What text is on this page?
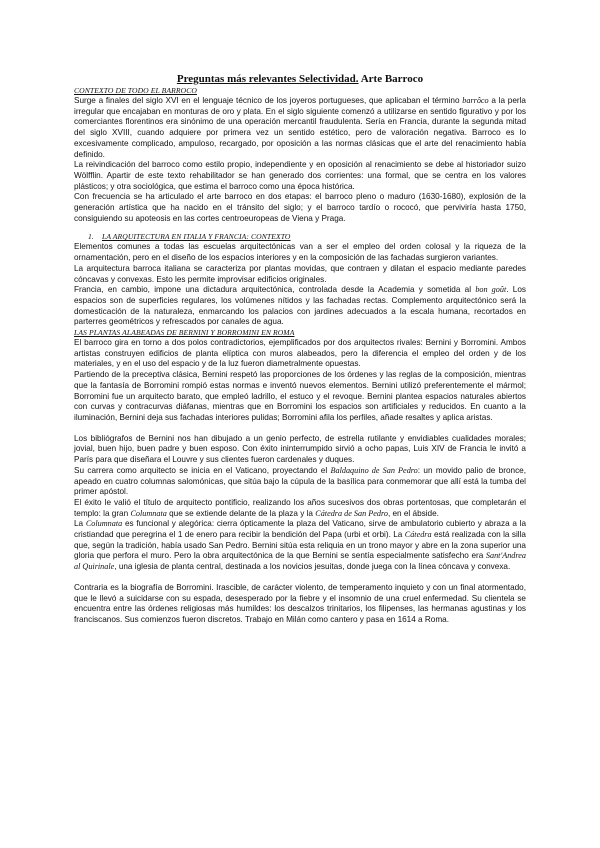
Preguntas más relevantes Selectividad. Arte Barroco
CONTEXTO DE TODO EL BARROCO

Surge a finales del siglo XVI en el lenguaje técnico de los joyeros portugueses, que aplicaban el término barrôco a la perla irregular que encajaban en monturas de oro y plata. En el siglo siguiente comenzó a utilizarse en sentido figurativo y por los comerciantes florentinos era sinónimo de una operación mercantil fraudulenta. Sería en Francia, durante la segunda mitad del siglo XVIII, cuando adquiere por primera vez un sentido estético, pero de valoración negativa. Barroco es lo excesivamente complicado, ampuloso, recargado, por oposición a las normas clásicas que el arte del renacimiento había definido.

La reivindicación del barroco como estilo propio, independiente y en oposición al renacimiento se debe al historiador suizo Wölfflin. Apartir de este texto rehabilitador se han generado dos corrientes: una formal, que se centra en los valores plásticos; y otra sociológica, que estima el barroco como una época histórica.

Con frecuencia se ha articulado el arte barroco en dos etapas: el barroco pleno o maduro (1630-1680), explosión de la generación artística que ha nacido en el tránsito del siglo; y el barroco tardío o rococó, que perviviría hasta 1750, consiguiendo su apoteosis en las cortes centroeuropeas de Viena y Praga.

1. LA ARQUITECTURA EN ITALIA Y FRANCIA: CONTEXTO

Elementos comunes a todas las escuelas arquitectónicas van a ser el empleo del orden colosal y la riqueza de la ornamentación, pero en el diseño de los espacios interiores y en la composición de las fachadas surgieron variantes.

La arquitectura barroca italiana se caracteriza por plantas movidas, que contraen y dilatan el espacio mediante paredes cóncavas y convexas. Esto les permite improvisar edificios originales.

Francia, en cambio, impone una dictadura arquitectónica, controlada desde la Academia y sometida al bon goût. Los espacios son de superficies regulares, los volúmenes nítidos y las fachadas rectas. Complemento arquitectónico será la domesticación de la naturaleza, enmarcando los palacios con jardines adecuados a la escala humana, recortados en parterres geométricos y refrescados por canales de agua.

LAS PLANTAS ALABEADAS DE BERNINI Y BORROMINI EN ROMA

El barroco gira en torno a dos polos contradictorios, ejemplificados por dos arquitectos rivales: Bernini y Borromini. Ambos artistas construyen edificios de planta elíptica con muros alabeados, pero la diferencia el empleo del orden y de los materiales, y en el uso del espacio y de la luz fueron diametralmente opuestas.

Partiendo de la preceptiva clásica, Bernini respetó las proporciones de los órdenes y las reglas de la composición, mientras que la fantasía de Borromini rompió estas normas e inventó nuevos elementos. Bernini utilizó preferentemente el mármol; Borromini fue un arquitecto barato, que empleó ladrillo, el estuco y el revoque. Bernini plantea espacios naturales abiertos con curvas y contracurvas diáfanas, mientras que en Borromini los espacios son artificiales y reducidos. En cuanto a la iluminación, Bernini deja sus fachadas interiores pulidas; Borromini afila los perfiles, añade resaltes y aplica aristas.

Los bibliógrafos de Bernini nos han dibujado a un genio perfecto, de estrella rutilante y envidiables cualidades morales; jovial, buen hijo, buen padre y buen esposo. Con éxito ininterrumpido sirvió a ocho papas, Luis XIV de Francia le invitó a París para que diseñara el Louvre y sus clientes fueron cardenales y duques.

Su carrera como arquitecto se inicia en el Vaticano, proyectando el Baldaquino de San Pedro: un movido palio de bronce, apeado en cuatro columnas salomónicas, que sitúa bajo la cúpula de la basílica para conmemorar que allí está la tumba del primer apóstol.

El éxito le valió el título de arquitecto pontificio, realizando los años sucesivos dos obras portentosas, que completarán el templo: la gran Columnata que se extiende delante de la plaza y la Cátedra de San Pedro, en el ábside.

La Columnata es funcional y alegórica: cierra ópticamente la plaza del Vaticano, sirve de ambulatorio cubierto y abraza a la cristiandad que peregrina el 1 de enero para recibir la bendición del Papa (urbi et orbi). La Cátedra está realizada con la silla que, según la tradición, había usado San Pedro. Bernini sitúa esta reliquia en un trono mayor y abre en la zona superior una gloria que perfora el muro. Pero la obra arquitectónica de la que Bernini se sentía especialmente satisfecho era Sant'Andrea al Quirinale, una iglesia de planta central, destinada a los novicios jesuitas, donde juega con la línea cóncava y convexa.

Contraria es la biografía de Borromini. Irascible, de carácter violento, de temperamento inquieto y con un final atormentado, que le llevó a suicidarse con su espada, desesperado por la fiebre y el insomnio de una cruel enfermedad. Su clientela se encuentra entre las órdenes religiosas más humildes: los descalzos trinitarios, los filipenses, las hermanas agustinas y los franciscanos. Sus comienzos fueron discretos. Trabajo en Milán como cantero y pasa en 1614 a Roma.
